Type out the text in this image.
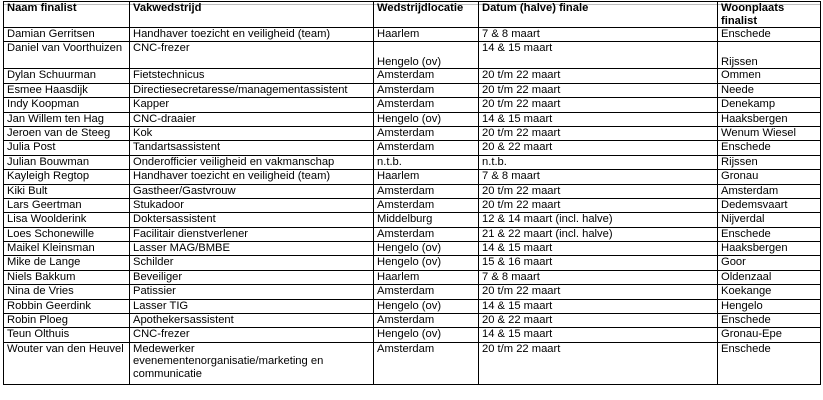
Naam finalist	Vakwedstrijd	Wedstrijdlocatie	Datum (halve) finale	Woonplaats finalist
Damian Gerritsen	Handhaver toezicht en veiligheid (team)	Haarlem	7 & 8 maart	Enschede
Daniel van Voorthuizen	CNC-frezer	Hengelo (ov)	14 & 15 maart	Rijssen
Dylan Schuurman	Fietstechnicus	Amsterdam	20 t/m 22 maart	Ommen
Esmee Haasdijk	Directiesecretaresse/managementassistent	Amsterdam	20 t/m 22 maart	Neede
Indy Koopman	Kapper	Amsterdam	20 t/m 22 maart	Denekamp
Jan Willem ten Hag	CNC-draaier	Hengelo (ov)	14 & 15 maart	Haaksbergen
Jeroen van de Steeg	Kok	Amsterdam	20 t/m 22 maart	Wenum Wiesel
Julia Post	Tandartsassistent	Amsterdam	20 & 22 maart	Enschede
Julian Bouwman	Onderofficier veiligheid en vakmanschap	n.t.b.	n.t.b.	Rijssen
Kayleigh Regtop	Handhaver toezicht en veiligheid (team)	Haarlem	7 & 8 maart	Gronau
Kiki Bult	Gastheer/Gastvrouw	Amsterdam	20 t/m 22 maart	Amsterdam
Lars Geertman	Stukadoor	Amsterdam	20 t/m 22 maart	Dedemsvaart
Lisa Woolderink	Doktersassistent	Middelburg	12 & 14 maart (incl. halve)	Nijverdal
Loes Schonewille	Facilitair dienstverlener	Amsterdam	21 & 22 maart (incl. halve)	Enschede
Maikel Kleinsman	Lasser MAG/BMBE	Hengelo (ov)	14 & 15 maart	Haaksbergen
Mike de Lange	Schilder	Hengelo (ov)	15 & 16 maart	Goor
Niels Bakkum	Beveiliger	Haarlem	7 & 8 maart	Oldenzaal
Nina de Vries	Patissier	Amsterdam	20 t/m 22 maart	Koekange
Robbin Geerdink	Lasser TIG	Hengelo (ov)	14 & 15 maart	Hengelo
Robin Ploeg	Apothekersassistent	Amsterdam	20 & 22 maart	Enschede
Teun Olthuis	CNC-frezer	Hengelo (ov)	14 & 15 maart	Gronau-Epe
Wouter van den Heuvel	Medewerker evenementenorganisatie/marketing en communicatie	Amsterdam	20 t/m 22 maart	Enschede
